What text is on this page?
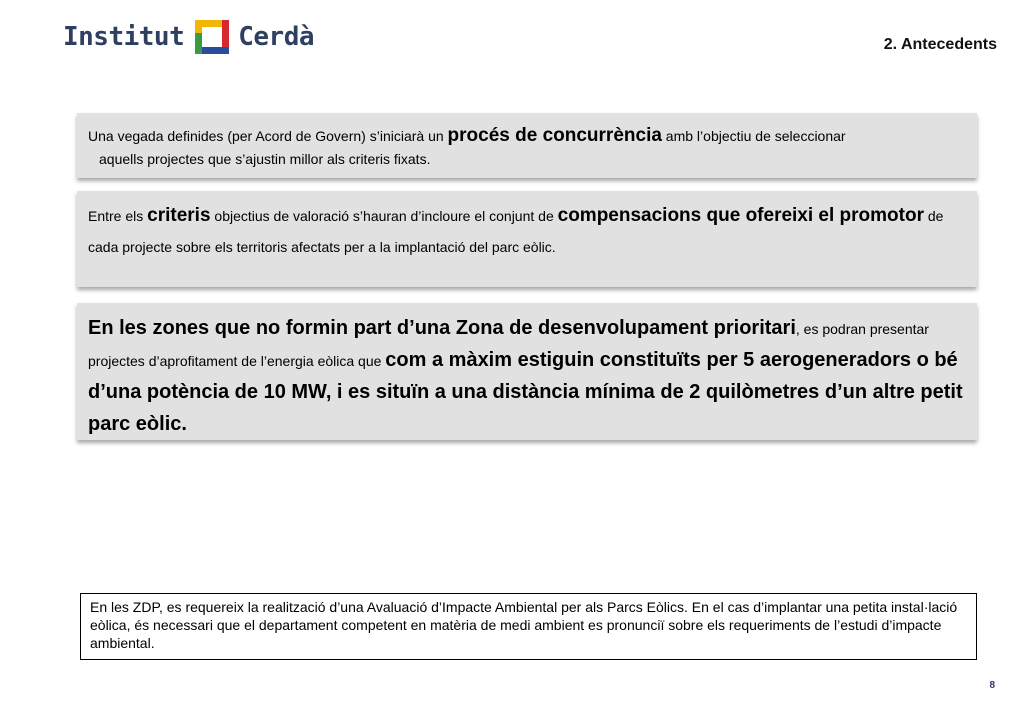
Institut Cerdà	2. Antecedents

Una vegada definides (per Acord de Govern) s’iniciarà un procés de concurrència amb l’objectiu de seleccionar
aquells projectes que s’ajustin millor als criteris fixats.

Entre els criteris objectius de valoració s’hauran d’incloure el conjunt de compensacions que ofereixi el promotor de cada projecte sobre els territoris afectats per a la implantació del parc eòlic.

En les zones que no formin part d’una Zona de desenvolupament prioritari, es podran presentar projectes d’aprofitament de l’energia eòlica que com a màxim estiguin constituïts per 5 aerogeneradors o bé d’una potència de 10 MW, i es situïn a una distància mínima de 2 quilòmetres d’un altre petit parc eòlic.

En les ZDP, es requereix la realització d’una Avaluació d’Impacte Ambiental per als Parcs Eòlics. En el cas d’implantar una petita instal·lació eòlica, és necessari que el departament competent en matèria de medi ambient es pronunciï sobre els requeriments de l’estudi d’impacte ambiental.
8
